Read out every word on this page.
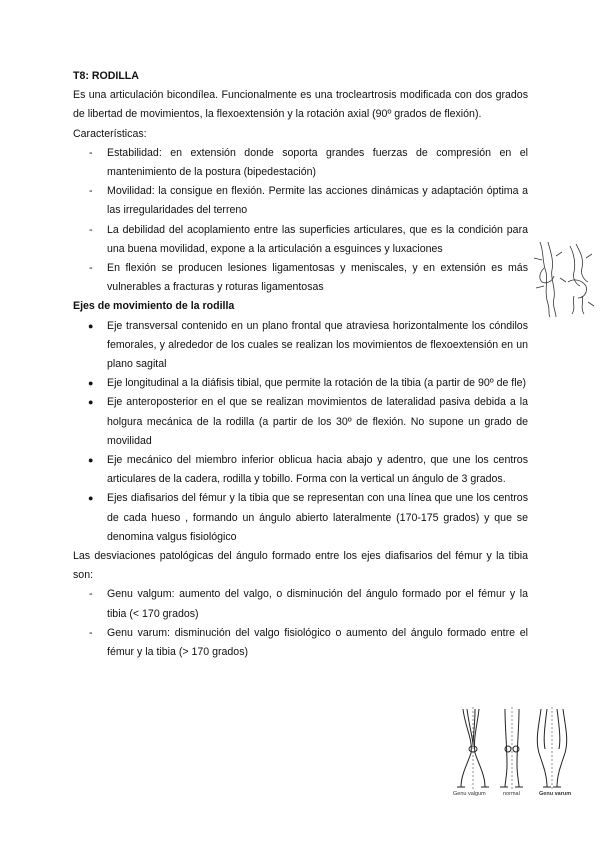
T8: RODILLA
Es una articulación bicondílea. Funcionalmente es una trocleartrosis modificada con dos grados de libertad de movimientos, la flexoextensión y la rotación axial (90º grados de flexión).
Características:
- Estabilidad: en extensión donde soporta grandes fuerzas de compresión en el mantenimiento de la postura (bipedestación)
- Movilidad: la consigue en flexión. Permite las acciones dinámicas y adaptación óptima a las irregularidades del terreno
- La debilidad del acoplamiento entre las superficies articulares, que es la condición para una buena movilidad, expone a la articulación a esguinces y luxaciones
- En flexión se producen lesiones ligamentosas y meniscales, y en extensión es más vulnerables a fracturas y roturas ligamentosas
Ejes de movimiento de la rodilla
● Eje transversal contenido en un plano frontal que atraviesa horizontalmente los cóndilos femorales, y alrededor de los cuales se realizan los movimientos de flexoextensión en un plano sagital
● Eje longitudinal a la diáfisis tibial, que permite la rotación de la tibia (a partir de 90º de fle)
● Eje anteroposterior en el que se realizan movimientos de lateralidad pasiva debida a la holgura mecánica de la rodilla (a partir de los 30º de flexión. No supone un grado de movilidad
● Eje mecánico del miembro inferior oblicua hacia abajo y adentro, que une los centros articulares de la cadera, rodilla y tobillo. Forma con la vertical un ángulo de 3 grados.
● Ejes diafisarios del fémur y la tibia que se representan con una línea que une los centros de cada hueso , formando un ángulo abierto lateralmente (170-175 grados) y que se denomina valgus fisiológico
Las desviaciones patológicas del ángulo formado entre los ejes diafisarios del fémur y la tibia son:
- Genu valgum: aumento del valgo, o disminución del ángulo formado por el fémur y la tibia (< 170 grados)
- Genu varum: disminución del valgo fisiológico o aumento del ángulo formado entre el fémur y la tibia (> 170 grados)
Genu valgum	normal	Genu varum
